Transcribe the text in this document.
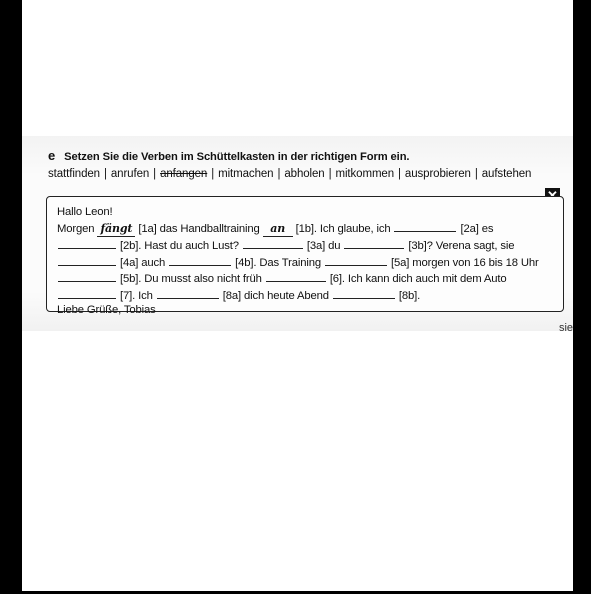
e Setzen Sie die Verben im Schüttelkasten in der richtigen Form ein.
stattfinden | anrufen | anfangen | mitmachen | abholen | mitkommen | ausprobieren | aufstehen
Hallo Leon!
Morgen fängt [1a] das Handballtraining an [1b]. Ich glaube, ich	[2a] es
[2b]. Hast du auch Lust?	[3a] du	[3b]? Verena sagt, sie
[4a] auch	[4b]. Das Training	[5a] morgen von 16 bis 18 Uhr
[5b]. Du musst also nicht früh	[6]. Ich kann dich auch mit dem Auto
[7]. Ich	[8a] dich heute Abend	[8b].
Liebe Grüße, Tobias
sie
